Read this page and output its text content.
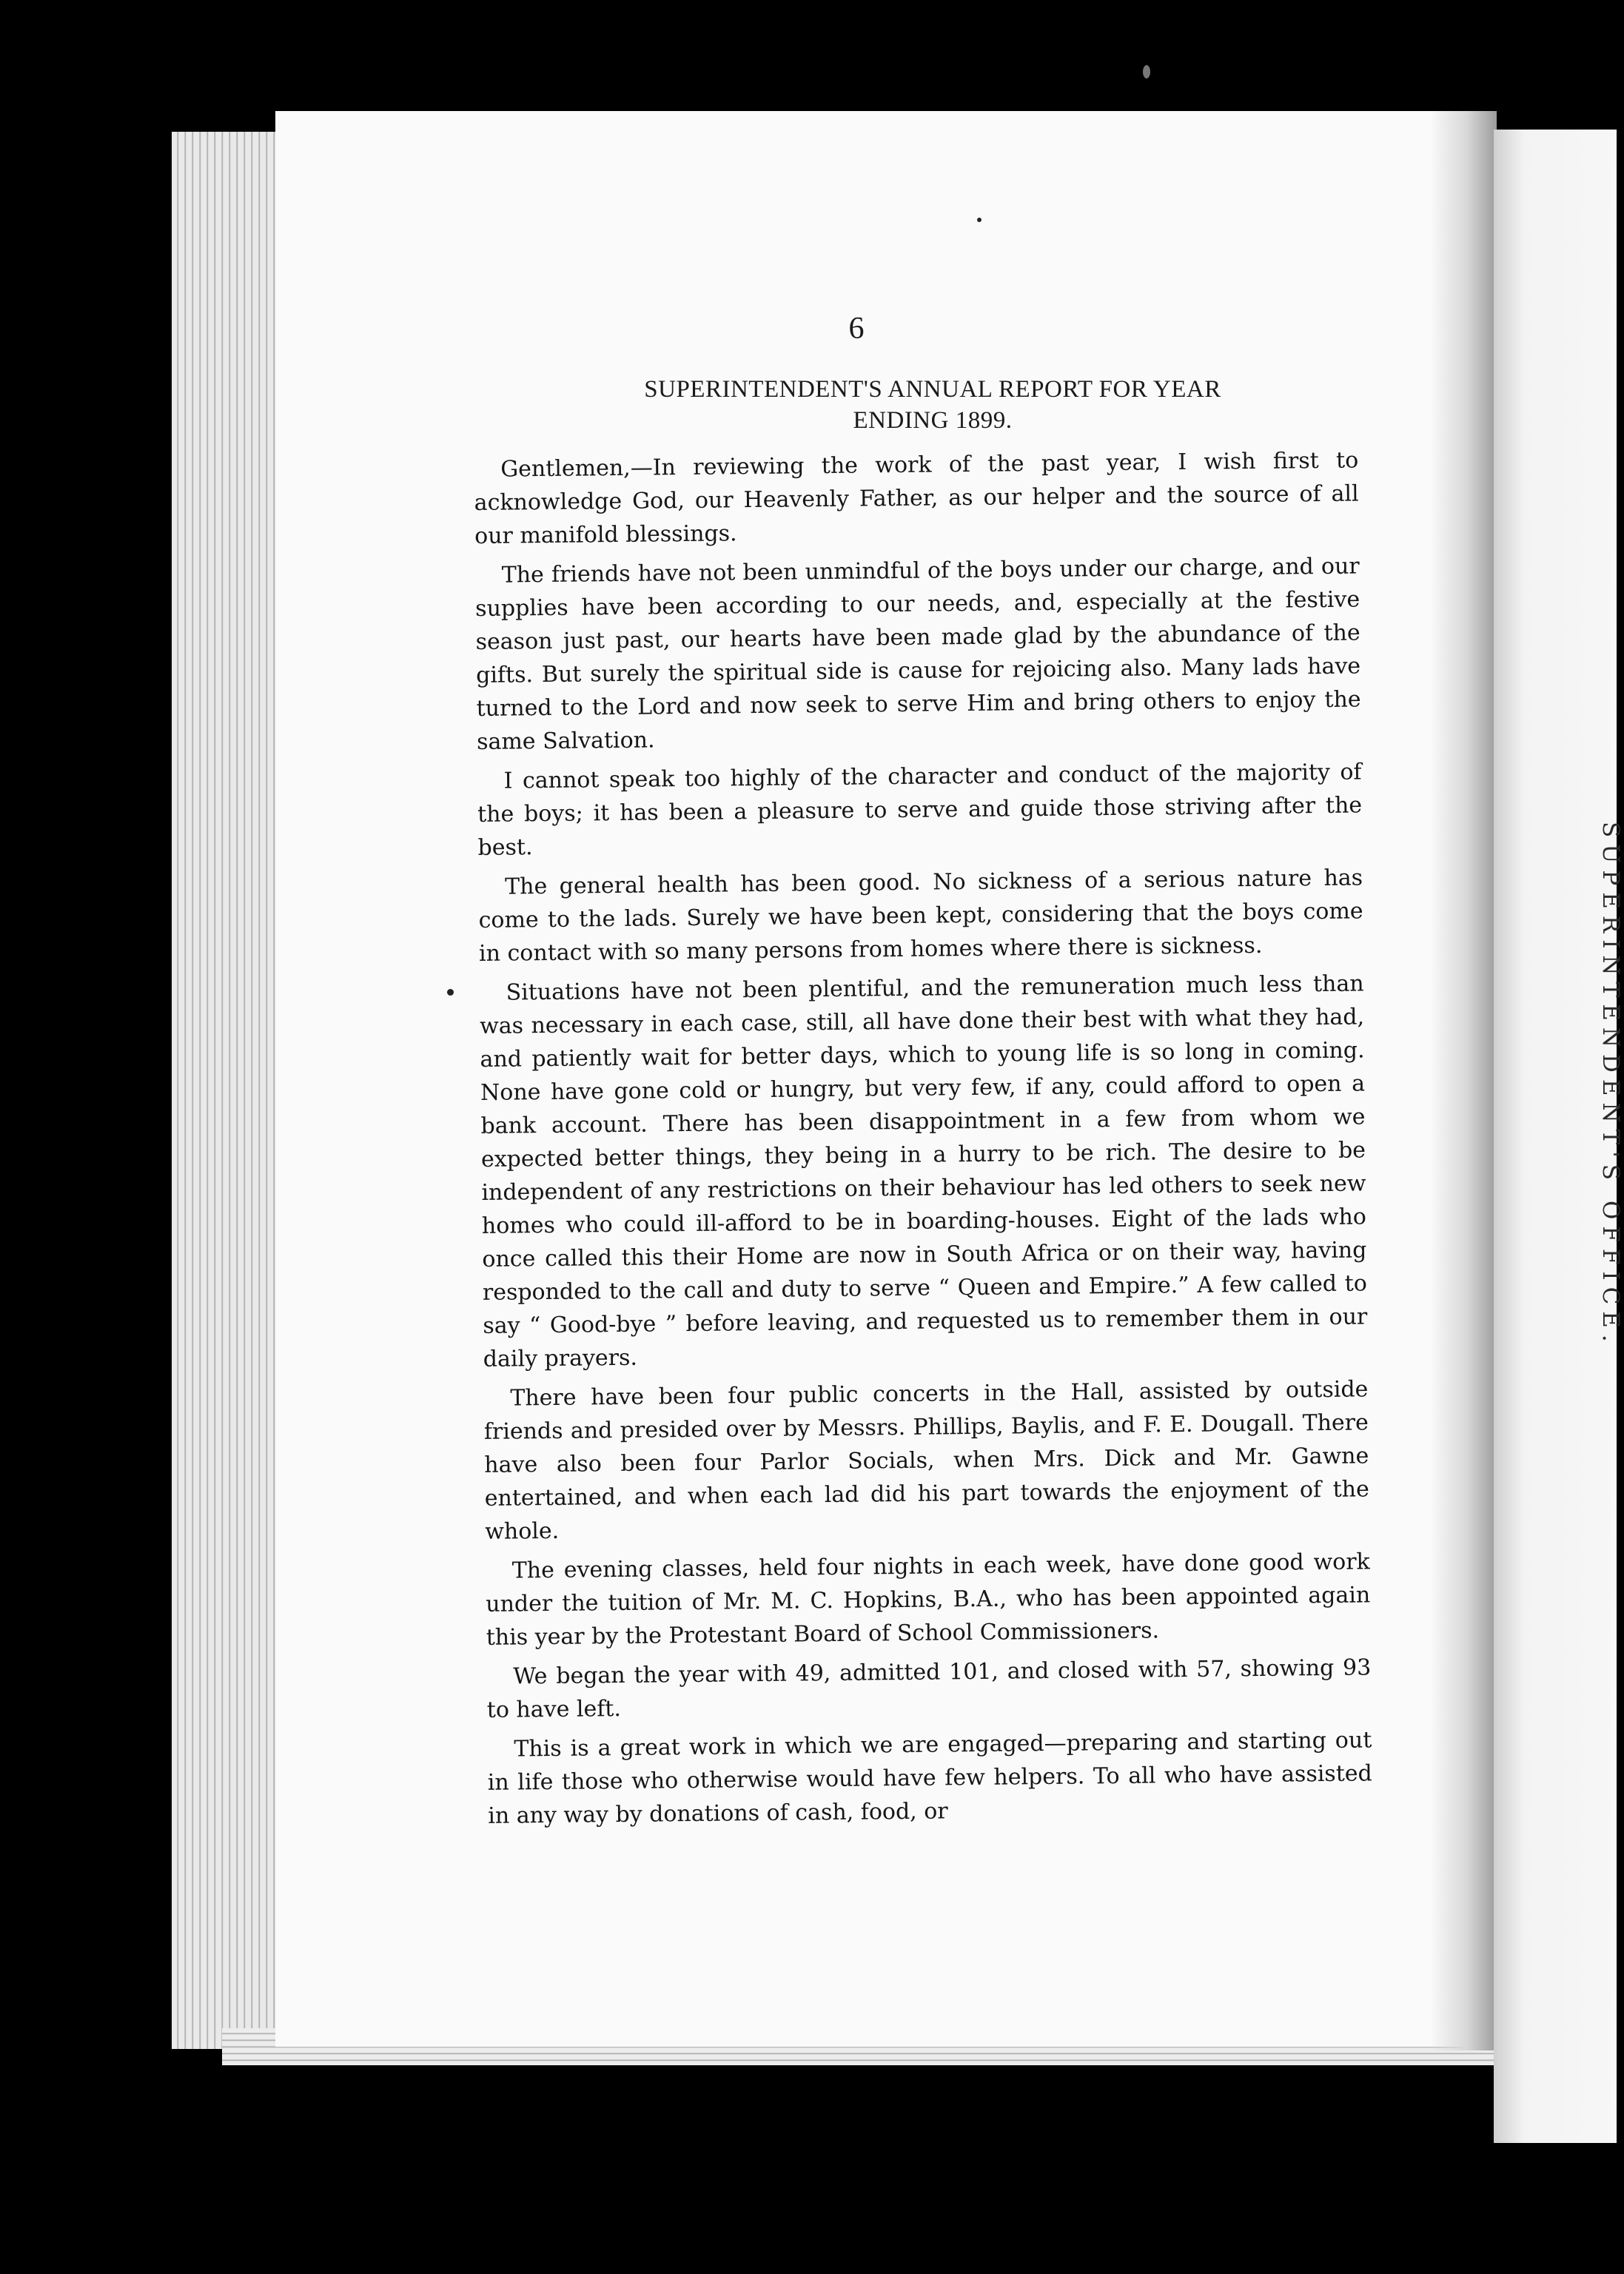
SUPERINTENDENT'S OFFICE.

6

SUPERINTENDENT'S ANNUAL REPORT FOR YEAR
ENDING 1899.

Gentlemen,—In reviewing the work of the past year, I wish first to acknowledge God, our Heavenly Father, as our helper and the source of all our manifold blessings.

The friends have not been unmindful of the boys under our charge, and our supplies have been according to our needs, and, especially at the festive season just past, our hearts have been made glad by the abundance of the gifts. But surely the spiritual side is cause for rejoicing also. Many lads have turned to the Lord and now seek to serve Him and bring others to enjoy the same Salvation.

I cannot speak too highly of the character and conduct of the majority of the boys; it has been a pleasure to serve and guide those striving after the best.

The general health has been good. No sickness of a serious nature has come to the lads. Surely we have been kept, considering that the boys come in contact with so many persons from homes where there is sickness.

Situations have not been plentiful, and the remuneration much less than was necessary in each case, still, all have done their best with what they had, and patiently wait for better days, which to young life is so long in coming. None have gone cold or hungry, but very few, if any, could afford to open a bank account. There has been disappointment in a few from whom we expected better things, they being in a hurry to be rich. The desire to be independent of any restrictions on their behaviour has led others to seek new homes who could ill-afford to be in boarding-houses. Eight of the lads who once called this their Home are now in South Africa or on their way, having responded to the call and duty to serve “ Queen and Empire.” A few called to say “ Good-bye ” before leaving, and requested us to remember them in our daily prayers.

There have been four public concerts in the Hall, assisted by outside friends and presided over by Messrs. Phillips, Baylis, and F. E. Dougall. There have also been four Parlor Socials, when Mrs. Dick and Mr. Gawne entertained, and when each lad did his part towards the enjoyment of the whole.

The evening classes, held four nights in each week, have done good work under the tuition of Mr. M. C. Hopkins, B.A., who has been appointed again this year by the Protestant Board of School Commissioners.

We began the year with 49, admitted 101, and closed with 57, showing 93 to have left.

This is a great work in which we are engaged—preparing and starting out in life those who otherwise would have few helpers. To all who have assisted in any way by donations of cash, food, or
